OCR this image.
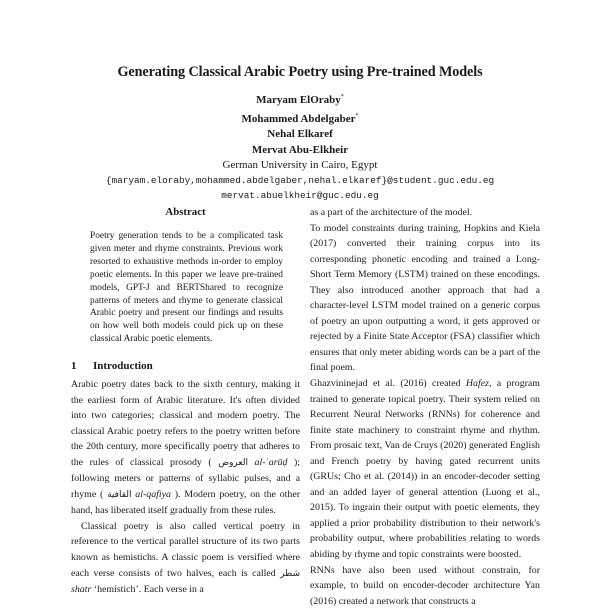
Generating Classical Arabic Poetry using Pre-trained Models
Maryam ElOraby*
Mohammed Abdelgaber*
Nehal Elkaref
Mervat Abu-Elkheir
German University in Cairo, Egypt
{maryam.eloraby,mohammed.abdelgaber,nehal.elkaref}@student.guc.edu.eg
mervat.abuelkheir@guc.edu.eg
Abstract
Poetry generation tends to be a complicated task given meter and rhyme constraints. Previous work resorted to exhaustive methods in-order to employ poetic elements. In this paper we leave pre-trained models, GPT-J and BERTShared to recognize patterns of meters and rhyme to generate classical Arabic poetry and present our findings and results on how well both models could pick up on these classical Arabic poetic elements.
1 Introduction

Arabic poetry dates back to the sixth century, making it the earliest form of Arabic literature. It's often divided into two categories; classical and modern poetry. The classical Arabic poetry refers to the poetry written before the 20th century, more specifically poetry that adheres to the rules of classical prosody ( العروض al-ʿarūḍ ); following meters or patterns of syllabic pulses, and a rhyme ( القافية al-qafiya ). Modern poetry, on the other hand, has liberated itself gradually from these rules.

Classical poetry is also called vertical poetry in reference to the vertical parallel structure of its two parts known as hemistichs. A classic poem is versified where each verse consists of two halves, each is called شطر shatr ‘hemistich’. Each verse in a

as a part of the architecture of the model.

To model constraints during training, Hopkins and Kiela (2017) converted their training corpus into its corresponding phonetic encoding and trained a Long-Short Term Memory (LSTM) trained on these encodings. They also introduced another approach that had a character-level LSTM model trained on a generic corpus of poetry an upon outputting a word, it gets approved or rejected by a Finite State Acceptor (FSA) classifier which ensures that only meter abiding words can be a part of the final poem.

Ghazvininejad et al. (2016) created Hafez, a program trained to generate topical poetry. Their system relied on Recurrent Neural Networks (RNNs) for coherence and finite state machinery to constraint rhyme and rhythm. From prosaic text, Van de Cruys (2020) generated English and French poetry by having gated recurrent units (GRUs; Cho et al. (2014)) in an encoder-decoder setting and an added layer of general attention (Luong et al., 2015). To ingrain their output with poetic elements, they applied a prior probability distribution to their network's probability output, where probabilities relating to words abiding by rhyme and topic constraints were boosted.

RNNs have also been used without constrain, for example, to build on encoder-decoder architecture Yan (2016) created a network that constructs a
